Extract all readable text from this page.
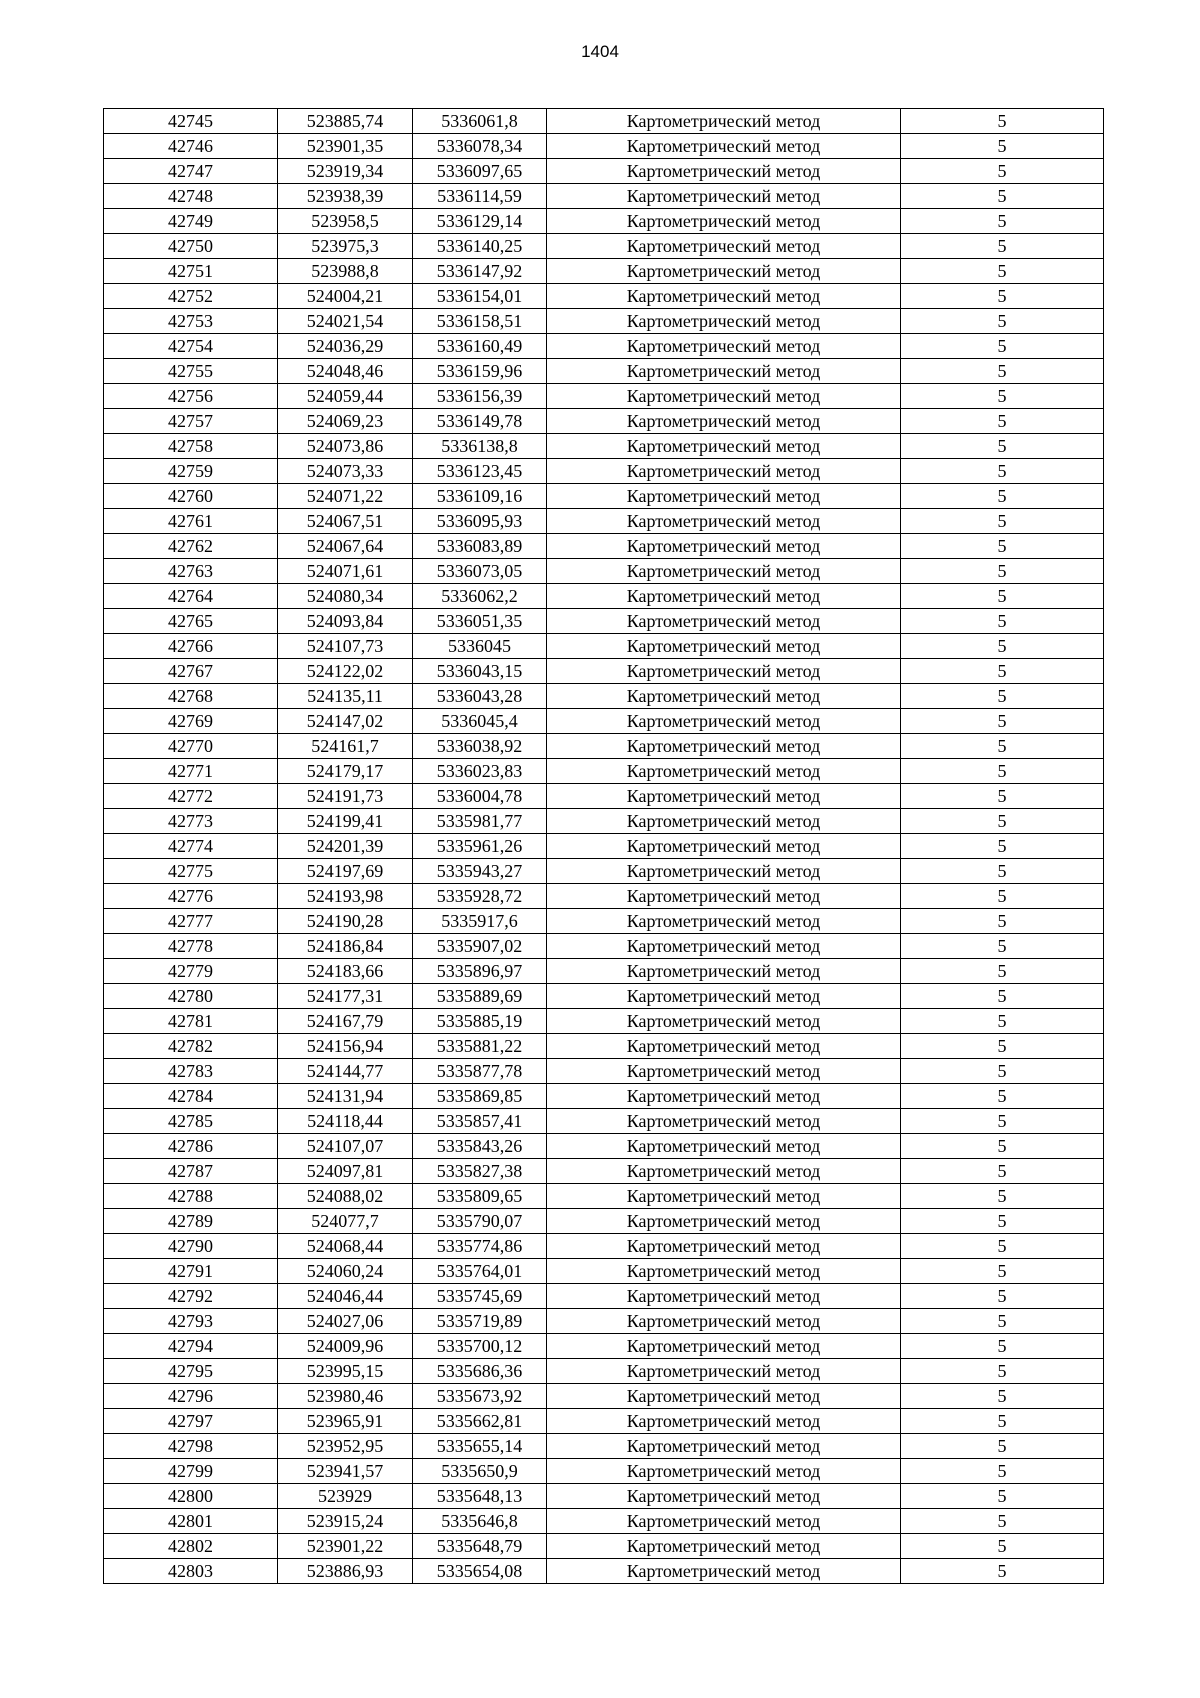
1404
42745	523885,74	5336061,8	Картометрический метод	5
42746	523901,35	5336078,34	Картометрический метод	5
42747	523919,34	5336097,65	Картометрический метод	5
42748	523938,39	5336114,59	Картометрический метод	5
42749	523958,5	5336129,14	Картометрический метод	5
42750	523975,3	5336140,25	Картометрический метод	5
42751	523988,8	5336147,92	Картометрический метод	5
42752	524004,21	5336154,01	Картометрический метод	5
42753	524021,54	5336158,51	Картометрический метод	5
42754	524036,29	5336160,49	Картометрический метод	5
42755	524048,46	5336159,96	Картометрический метод	5
42756	524059,44	5336156,39	Картометрический метод	5
42757	524069,23	5336149,78	Картометрический метод	5
42758	524073,86	5336138,8	Картометрический метод	5
42759	524073,33	5336123,45	Картометрический метод	5
42760	524071,22	5336109,16	Картометрический метод	5
42761	524067,51	5336095,93	Картометрический метод	5
42762	524067,64	5336083,89	Картометрический метод	5
42763	524071,61	5336073,05	Картометрический метод	5
42764	524080,34	5336062,2	Картометрический метод	5
42765	524093,84	5336051,35	Картометрический метод	5
42766	524107,73	5336045	Картометрический метод	5
42767	524122,02	5336043,15	Картометрический метод	5
42768	524135,11	5336043,28	Картометрический метод	5
42769	524147,02	5336045,4	Картометрический метод	5
42770	524161,7	5336038,92	Картометрический метод	5
42771	524179,17	5336023,83	Картометрический метод	5
42772	524191,73	5336004,78	Картометрический метод	5
42773	524199,41	5335981,77	Картометрический метод	5
42774	524201,39	5335961,26	Картометрический метод	5
42775	524197,69	5335943,27	Картометрический метод	5
42776	524193,98	5335928,72	Картометрический метод	5
42777	524190,28	5335917,6	Картометрический метод	5
42778	524186,84	5335907,02	Картометрический метод	5
42779	524183,66	5335896,97	Картометрический метод	5
42780	524177,31	5335889,69	Картометрический метод	5
42781	524167,79	5335885,19	Картометрический метод	5
42782	524156,94	5335881,22	Картометрический метод	5
42783	524144,77	5335877,78	Картометрический метод	5
42784	524131,94	5335869,85	Картометрический метод	5
42785	524118,44	5335857,41	Картометрический метод	5
42786	524107,07	5335843,26	Картометрический метод	5
42787	524097,81	5335827,38	Картометрический метод	5
42788	524088,02	5335809,65	Картометрический метод	5
42789	524077,7	5335790,07	Картометрический метод	5
42790	524068,44	5335774,86	Картометрический метод	5
42791	524060,24	5335764,01	Картометрический метод	5
42792	524046,44	5335745,69	Картометрический метод	5
42793	524027,06	5335719,89	Картометрический метод	5
42794	524009,96	5335700,12	Картометрический метод	5
42795	523995,15	5335686,36	Картометрический метод	5
42796	523980,46	5335673,92	Картометрический метод	5
42797	523965,91	5335662,81	Картометрический метод	5
42798	523952,95	5335655,14	Картометрический метод	5
42799	523941,57	5335650,9	Картометрический метод	5
42800	523929	5335648,13	Картометрический метод	5
42801	523915,24	5335646,8	Картометрический метод	5
42802	523901,22	5335648,79	Картометрический метод	5
42803	523886,93	5335654,08	Картометрический метод	5
